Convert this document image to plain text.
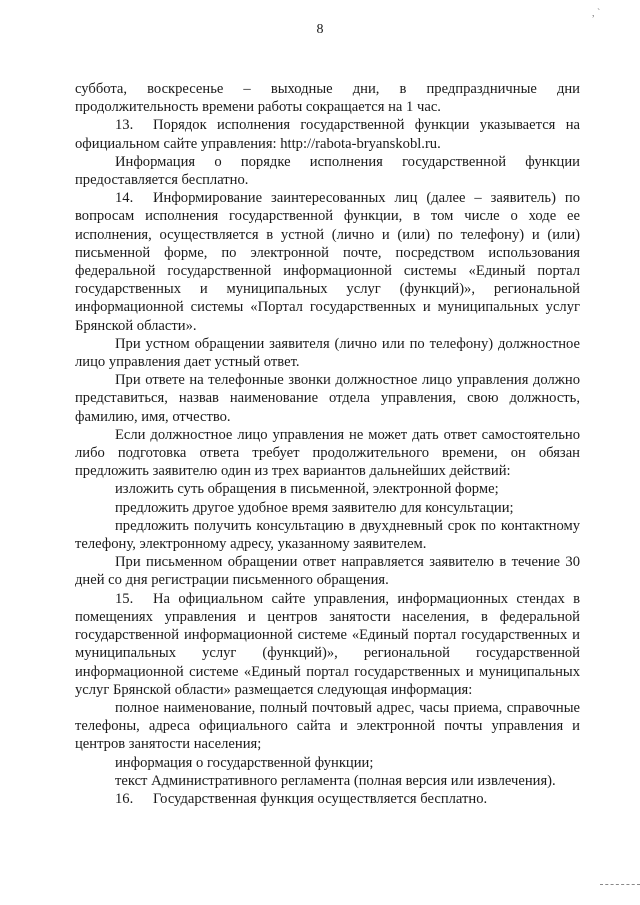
8
, `

суббота, воскресенье – выходные дни, в предпраздничные дни продолжительность времени работы сокращается на 1 час.

13. Порядок исполнения государственной функции указывается на официальном сайте управления: http://rabota-bryanskobl.ru.

Информация о порядке исполнения государственной функции предоставляется бесплатно.

14. Информирование заинтересованных лиц (далее – заявитель) по вопросам исполнения государственной функции, в том числе о ходе ее исполнения, осуществляется в устной (лично и (или) по телефону) и (или) письменной форме, по электронной почте, посредством использования федеральной государственной информационной системы «Единый портал государственных и муниципальных услуг (функций)», региональной информационной системы «Портал государственных и муниципальных услуг Брянской области».

При устном обращении заявителя (лично или по телефону) должностное лицо управления дает устный ответ.

При ответе на телефонные звонки должностное лицо управления должно представиться, назвав наименование отдела управления, свою должность, фамилию, имя, отчество.

Если должностное лицо управления не может дать ответ самостоятельно либо подготовка ответа требует продолжительного времени, он обязан предложить заявителю один из трех вариантов дальнейших действий:

изложить суть обращения в письменной, электронной форме;

предложить другое удобное время заявителю для консультации;

предложить получить консультацию в двухдневный срок по контактному телефону, электронному адресу, указанному заявителем.

При письменном обращении ответ направляется заявителю в течение 30 дней со дня регистрации письменного обращения.

15. На официальном сайте управления, информационных стендах в помещениях управления и центров занятости населения, в федеральной государственной информационной системе «Единый портал государственных и муниципальных услуг (функций)», региональной государственной информационной системе «Единый портал государственных и муниципальных услуг Брянской области» размещается следующая информация:

полное наименование, полный почтовый адрес, часы приема, справочные телефоны, адреса официального сайта и электронной почты управления и центров занятости населения;

информация о государственной функции;

текст Административного регламента (полная версия или извлечения).

16. Государственная функция осуществляется бесплатно.
